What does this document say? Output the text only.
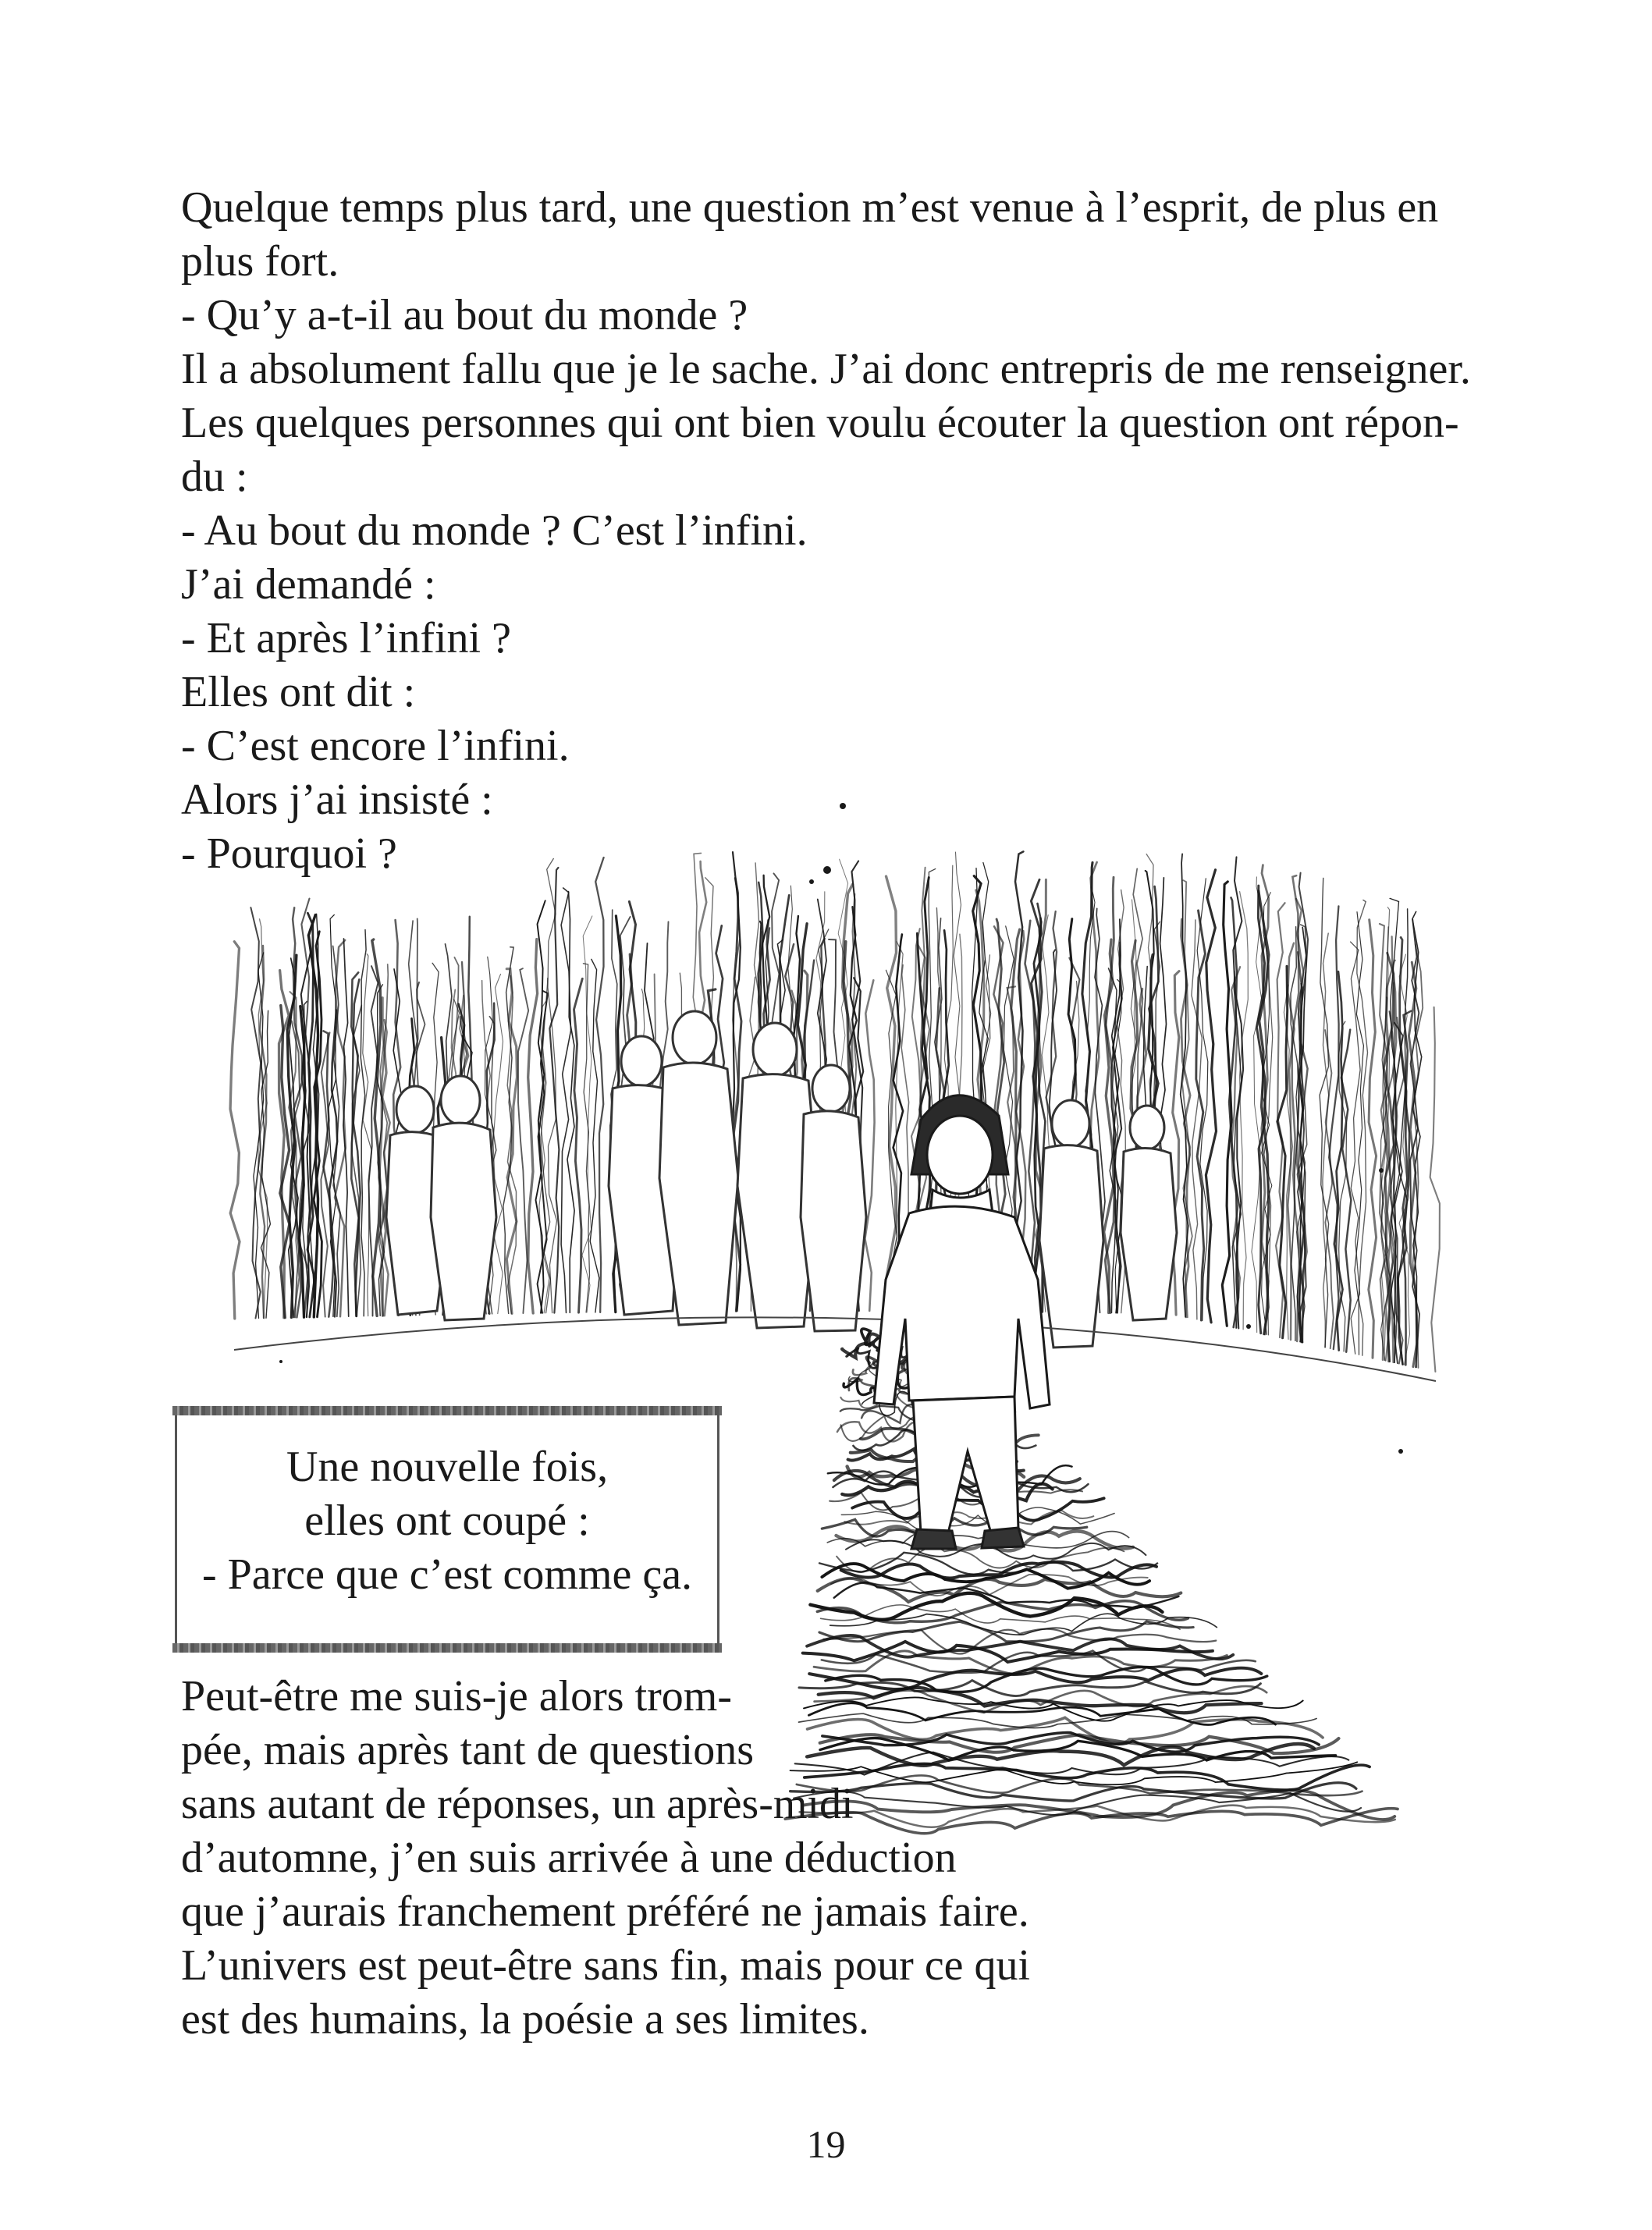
Quelque temps plus tard, une question m’est venue à l’esprit, de plus en
plus fort.
- Qu’y a-t-il au bout du monde ?
Il a absolument fallu que je le sache. J’ai donc entrepris de me renseigner.
Les quelques personnes qui ont bien voulu écouter la question ont répon-
du :
- Au bout du monde ? C’est l’infini.
J’ai demandé :
- Et après l’infini ?
Elles ont dit :
- C’est encore l’infini.
Alors j’ai insisté :
- Pourquoi ?
Une nouvelle fois,
elles ont coupé :
- Parce que c’est comme ça.
Peut-être me suis-je alors trom-
pée, mais après tant de questions
sans autant de réponses, un après-midi
d’automne, j’en suis arrivée à une déduction
que j’aurais franchement préféré ne jamais faire.
L’univers est peut-être sans fin, mais pour ce qui
est des humains, la poésie a ses limites.
19
